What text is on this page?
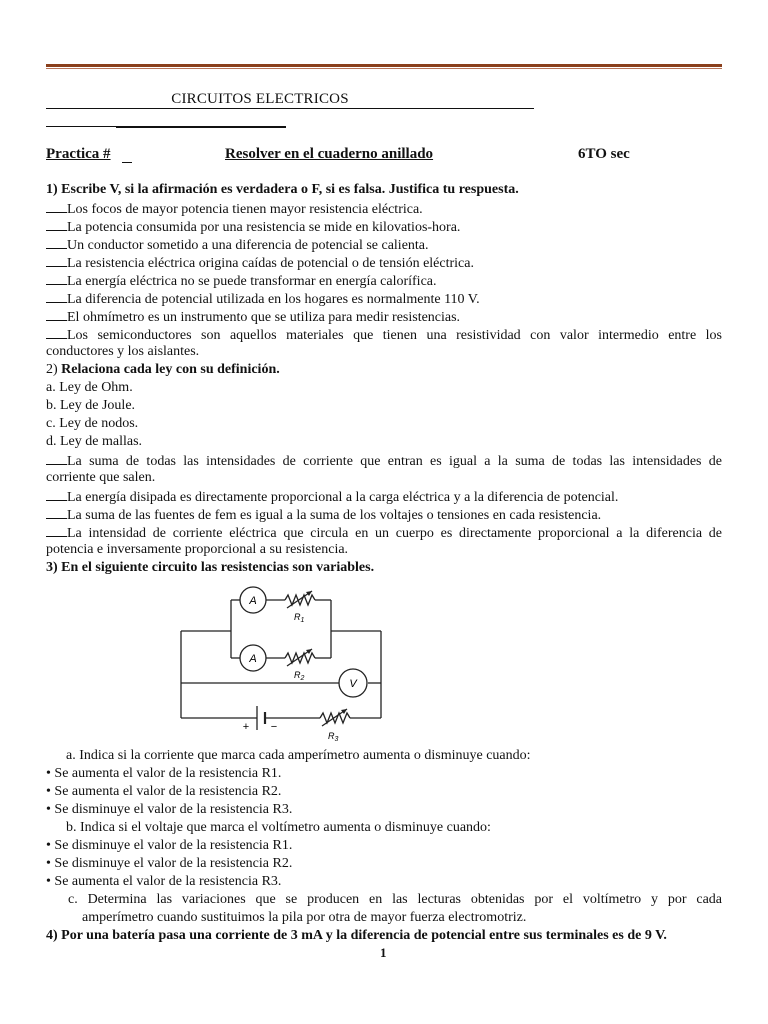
CIRCUITOS ELECTRICOS
Practica #	Resolver en el cuaderno anillado	6TO sec
1) Escribe V, si la afirmación es verdadera o F, si es falsa. Justifica tu respuesta.
Los focos de mayor potencia tienen mayor resistencia eléctrica.
La potencia consumida por una resistencia se mide en kilovatios-hora.
Un conductor sometido a una diferencia de potencial se calienta.
La resistencia eléctrica origina caídas de potencial o de tensión eléctrica.
La energía eléctrica no se puede transformar en energía calorífica.
La diferencia de potencial utilizada en los hogares es normalmente 110 V.
El ohmímetro es un instrumento que se utiliza para medir resistencias.
Los semiconductores son aquellos materiales que tienen una resistividad con valor intermedio entre los
conductores y los aislantes.
2) Relaciona cada ley con su definición.
a. Ley de Ohm.
b. Ley de Joule.
c. Ley de nodos.
d. Ley de mallas.
La suma de todas las intensidades de corriente que entran es igual a la suma de todas las intensidades de
corriente que salen.
La energía disipada es directamente proporcional a la carga eléctrica y a la diferencia de potencial.
La suma de las fuentes de fem es igual a la suma de los voltajes o tensiones en cada resistencia.
La intensidad de corriente eléctrica que circula en un cuerpo es directamente proporcional a la diferencia de
potencia e inversamente proporcional a su resistencia.
3) En el siguiente circuito las resistencias son variables.
A
A
V
$R_1$
$R_2$
$R_3$
+ −
a. Indica si la corriente que marca cada amperímetro aumenta o disminuye cuando:
• Se aumenta el valor de la resistencia R1.
• Se aumenta el valor de la resistencia R2.
• Se disminuye el valor de la resistencia R3.
b. Indica si el voltaje que marca el voltímetro aumenta o disminuye cuando:
• Se disminuye el valor de la resistencia R1.
• Se disminuye el valor de la resistencia R2.
• Se aumenta el valor de la resistencia R3.
c. Determina las variaciones que se producen en las lecturas obtenidas por el voltímetro y por cada
amperímetro cuando sustituimos la pila por otra de mayor fuerza electromotriz.
4) Por una batería pasa una corriente de 3 mA y la diferencia de potencial entre sus terminales es de 9 V.
1
